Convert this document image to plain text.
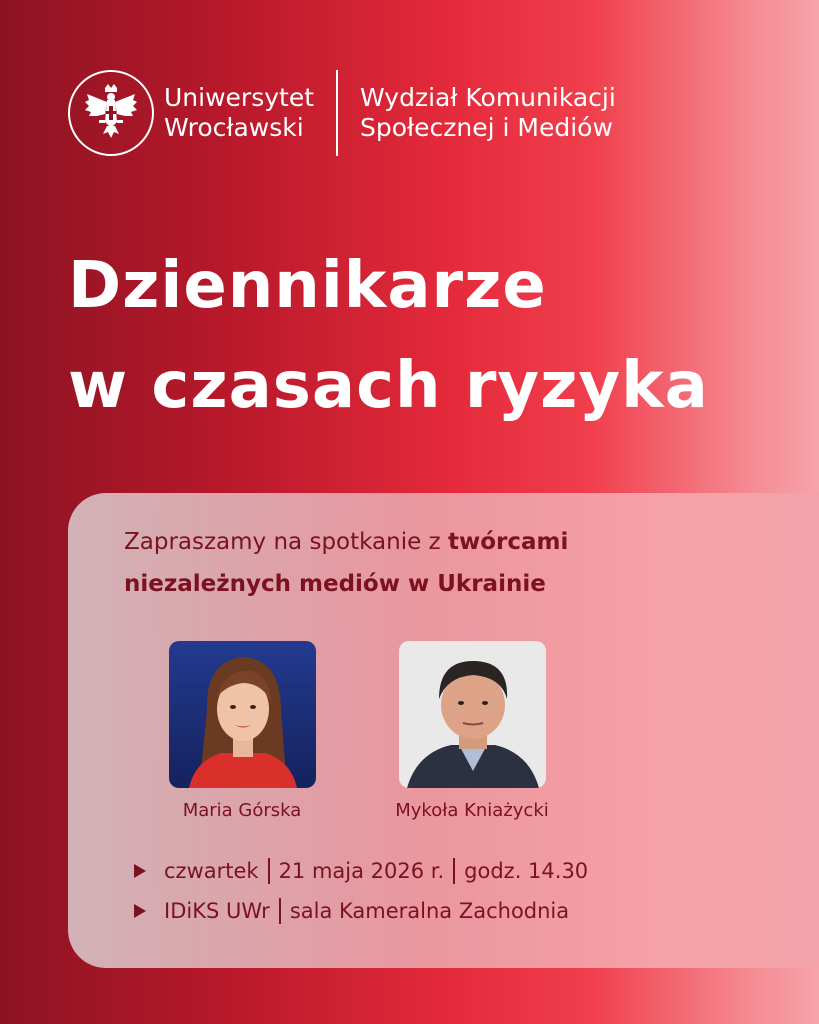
Uniwersytet
Wrocławski
Wydział Komunikacji
Społecznej i Mediów
Dziennikarze
w czasach ryzyka
Zapraszamy na spotkanie z twórcami
niezależnych mediów w Ukrainie
Maria Górska	Mykoła Kniażycki
czwartek 21 maja 2026 r. godz. 14.30
IDiKS UWr sala Kameralna Zachodnia
